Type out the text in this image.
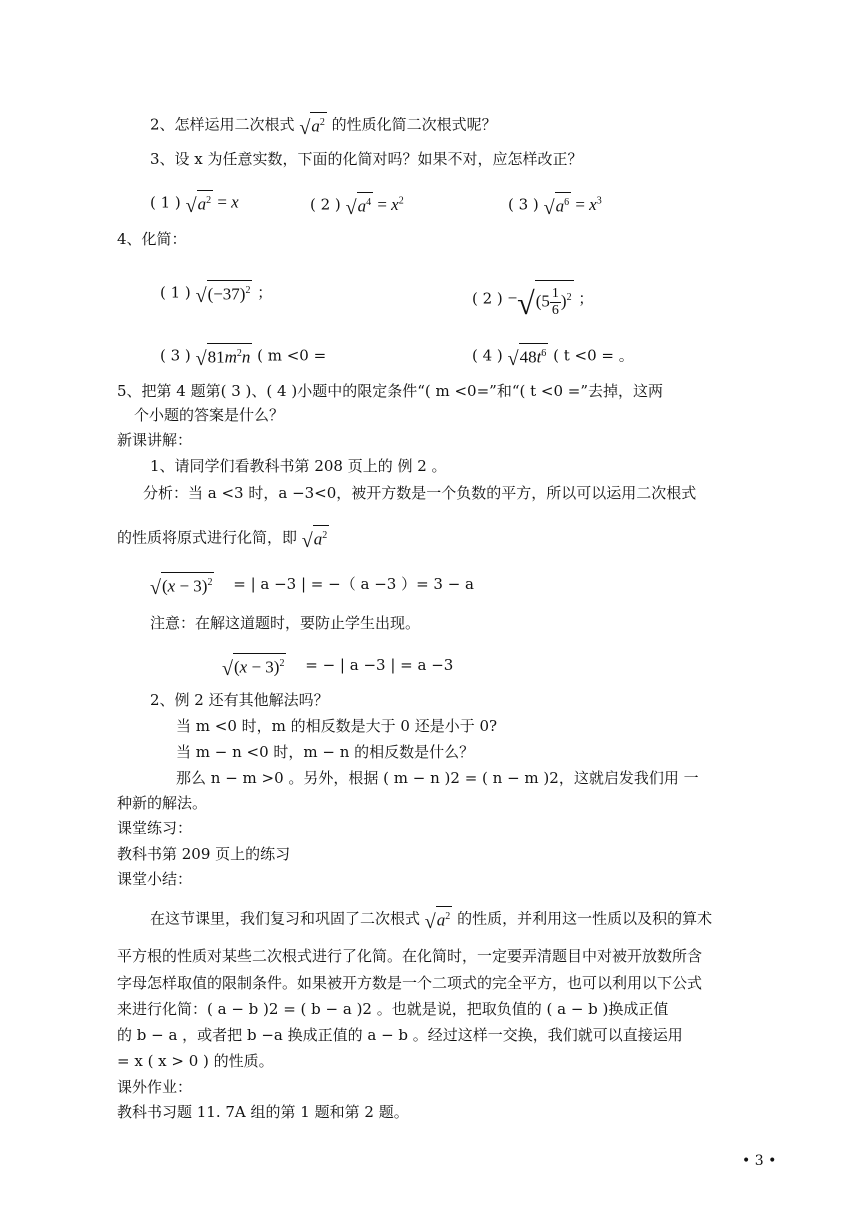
2、怎样运用二次根式 $√a^2$ 的性质化简二次根式呢？
3、设 x 为任意实数，下面的化简对吗？如果不对，应怎样改正？
( 1 ) $√a^2 = x$	( 2 ) $√a^4 = x^2$	( 3 ) $√a^6 = x^3$
4、化简：
( 1 ) $√(-37)^2$ ；	( 2 ) $-√(5 \frac{1}{6} )^2$ ；
( 3 ) $√81m^2n$ ( m <0 =	( 4 ) $√48t^6$ ( t <0 = 。
5、把第 4 题第( 3 )、( 4 )小题中的限定条件“( m <0=”和“( t <0 =”去掉，这两
个小题的答案是什么？
新课讲解：
1、请同学们看教科书第 208 页上的 例 2 。
分析：当 a <3 时，a −3<0，被开方数是一个负数的平方，所以可以运用二次根式
的性质将原式进行化简，即 $√a^2$
$√(x - 3)^2$ = | a −3 | = −（ a −3 ）= 3 − a
注意：在解这道题时，要防止学生出现。
$√(x - 3)^2$ = − | a −3 | = a −3
2、例 2 还有其他解法吗？
当 m <0 时，m 的相反数是大于 0 还是小于 0?
当 m − n <0 时，m − n 的相反数是什么？
那么 n − m >0 。另外，根据 ( m − n )2 = ( n − m )2，这就启发我们用 一
种新的解法。
课堂练习：
教科书第 209 页上的练习
课堂小结：
在这节课里，我们复习和巩固了二次根式 $√a^2$ 的性质，并利用这一性质以及积的算术
平方根的性质对某些二次根式进行了化简。在化简时，一定要弄清题目中对被开放数所含
字母怎样取值的限制条件。如果被开方数是一个二项式的完全平方，也可以利用以下公式
来进行化简：( a − b )2 = ( b − a )2 。也就是说，把取负值的 ( a − b )换成正值
的 b − a ，或者把 b −a 换成正值的 a − b 。经过这样一交换，我们就可以直接运用
= x ( x > 0 ) 的性质。
课外作业：
教科书习题 11. 7A 组的第 1 题和第 2 题。
• 3 •
